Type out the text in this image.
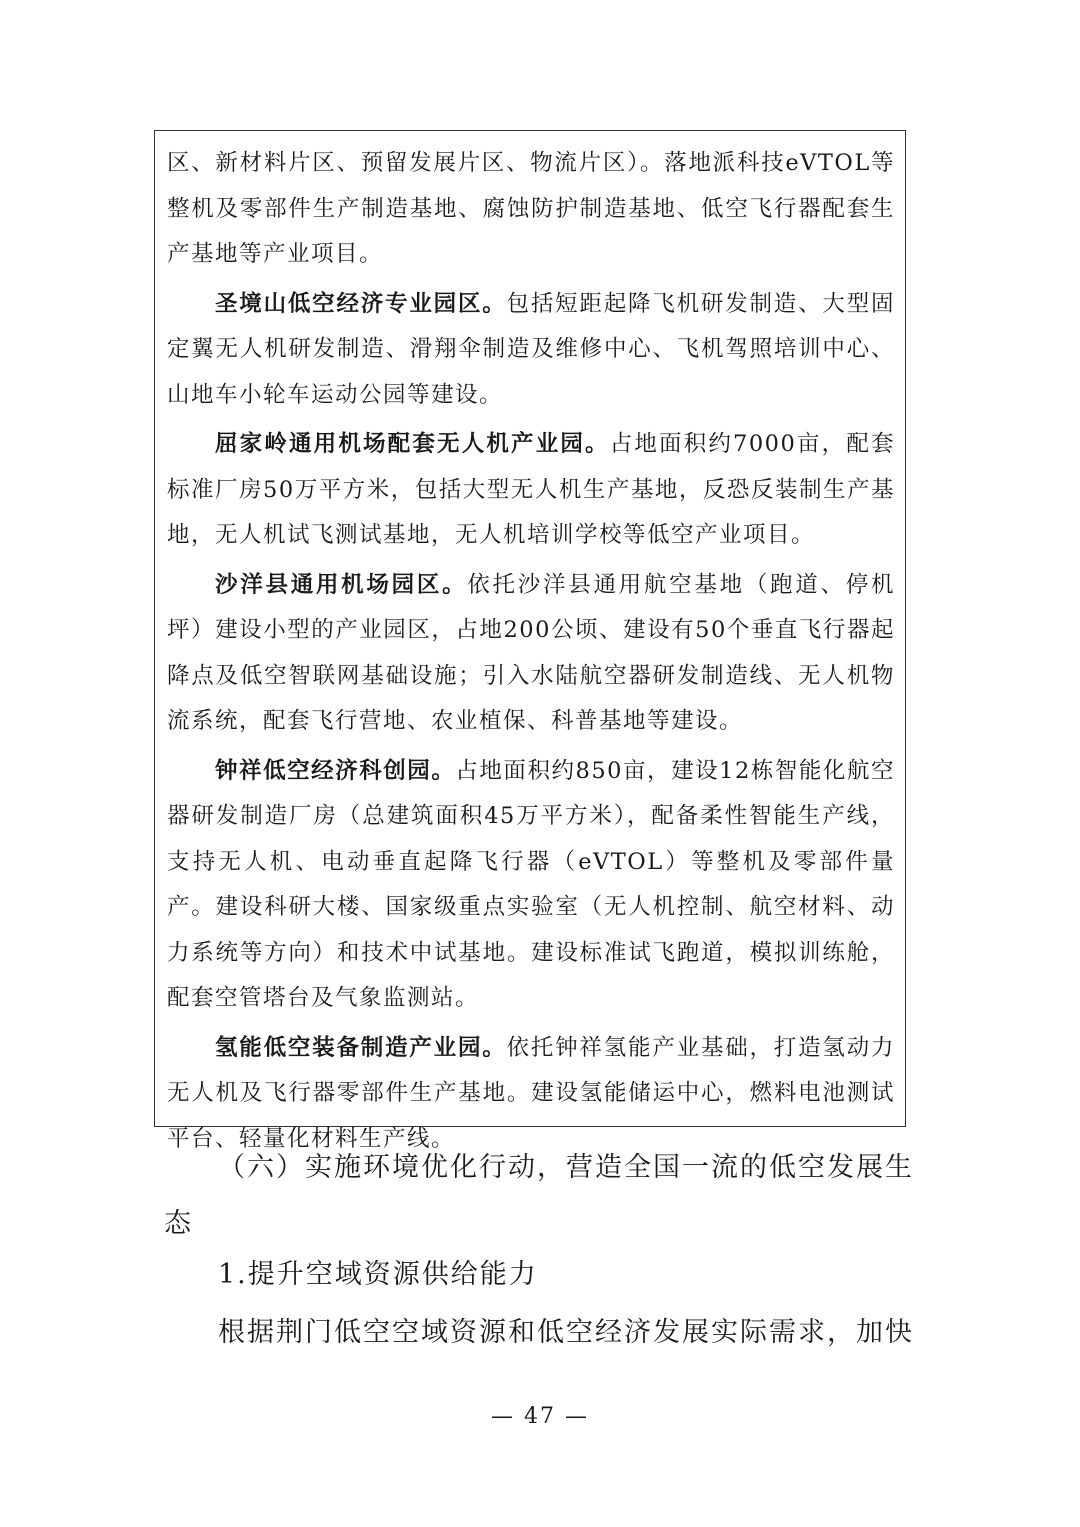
区、新材料片区、预留发展片区、物流片区）。落地派科技eVTOL等整机及零部件生产制造基地、腐蚀防护制造基地、低空飞行器配套生产基地等产业项目。

圣境山低空经济专业园区。包括短距起降飞机研发制造、大型固定翼无人机研发制造、滑翔伞制造及维修中心、飞机驾照培训中心、山地车小轮车运动公园等建设。

屈家岭通用机场配套无人机产业园。占地面积约7000亩，配套标准厂房50万平方米，包括大型无人机生产基地，反恐反装制生产基地，无人机试飞测试基地，无人机培训学校等低空产业项目。

沙洋县通用机场园区。依托沙洋县通用航空基地（跑道、停机坪）建设小型的产业园区，占地200公顷、建设有50个垂直飞行器起降点及低空智联网基础设施；引入水陆航空器研发制造线、无人机物流系统，配套飞行营地、农业植保、科普基地等建设。

钟祥低空经济科创园。占地面积约850亩，建设12栋智能化航空器研发制造厂房（总建筑面积45万平方米），配备柔性智能生产线，支持无人机、电动垂直起降飞行器（eVTOL）等整机及零部件量产。建设科研大楼、国家级重点实验室（无人机控制、航空材料、动力系统等方向）和技术中试基地。建设标准试飞跑道，模拟训练舱，配套空管塔台及气象监测站。

氢能低空装备制造产业园。依托钟祥氢能产业基础，打造氢动力无人机及飞行器零部件生产基地。建设氢能储运中心，燃料电池测试平台、轻量化材料生产线。

（六）实施环境优化行动，营造全国一流的低空发展生态

1.提升空域资源供给能力

根据荆门低空空域资源和低空经济发展实际需求，加快

— 47 —
